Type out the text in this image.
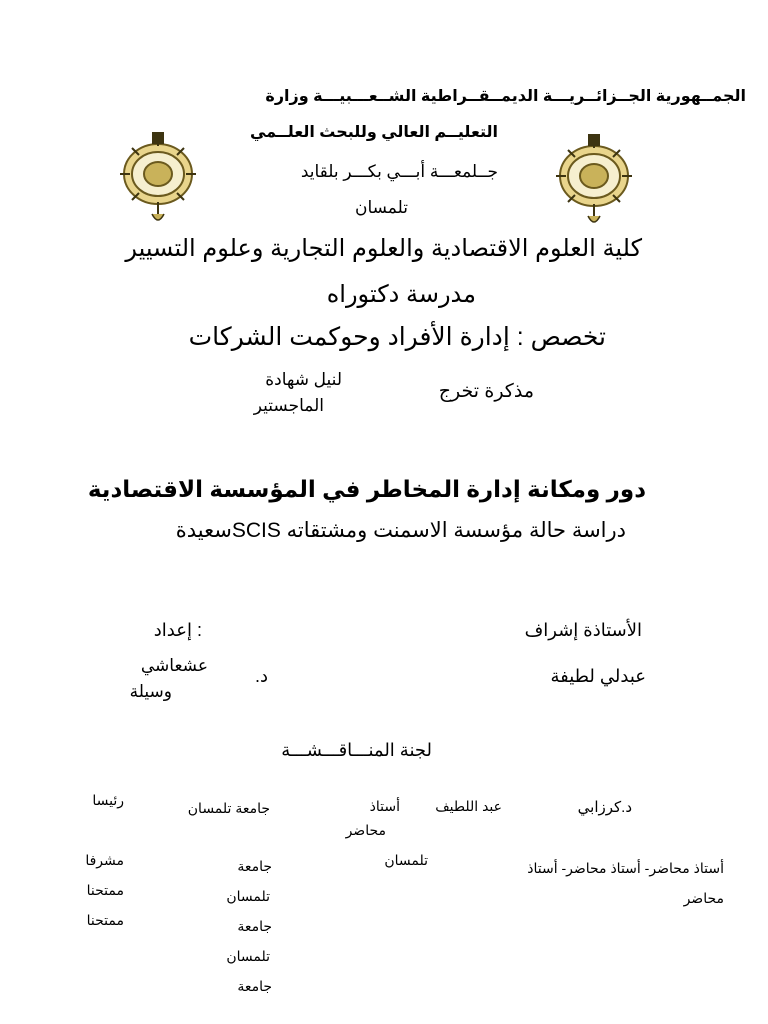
الجمــهورية الجــزائــريـــة الديمــقــراطية الشــعـــبيـــة وزارة
التعليــم العالي وللبحث العلــمي
جــلمعـــة أبـــي بكـــر بلقايد
تلمسان
كلية العلوم الاقتصادية والعلوم التجارية وعلوم التسيير
مدرسة دكتوراه
تخصص : إدارة الأفراد وحوكمت الشركات
مذكرة تخرج
لنيل شهادة
الماجستير
دور ومكانة إدارة المخاطر في المؤسسة الاقتصادية
دراسة حالة مؤسسة الاسمنت ومشتقاته SCISسعيدة
الأستاذة إشراف
: إعداد
عبدلي لطيفة
د.
عشعاشي
وسيلة
لجنة المنـــاقـــشـــة
د.كرزابي
عبد اللطيف
أستاذ
محاضر
جامعة تلمسان
رئيسا
أستاذ محاضر- أستاذ محاضر- أستاذ
محاضر
تلمسان
جامعة
تلمسان
جامعة
تلمسان
جامعة
مشرفا
ممتحنا
ممتحنا
